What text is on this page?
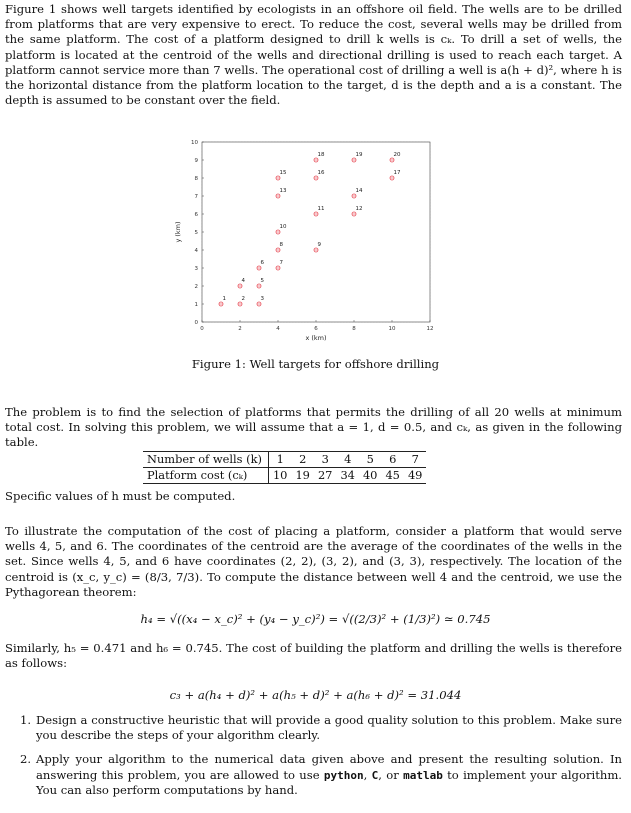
Figure 1 shows well targets identified by ecologists in an offshore oil field. The wells are to be drilled from platforms that are very expensive to erect. To reduce the cost, several wells may be drilled from the same platform. The cost of a platform designed to drill k wells is cₖ. To drill a set of wells, the platform is located at the centroid of the wells and directional drilling is used to reach each target. A platform cannot service more than 7 wells. The operational cost of drilling a well is a(h + d)², where h is the horizontal distance from the platform location to the target, d is the depth and a is a constant. The depth is assumed to be constant over the field.

0	2	4	6	8	10	12
0
1
2
3
4
5
6
7
8
9
10
1	2	3
4	5
6	7
8	9
10
11	12
13	14
15	16	17
18	19	20
x (km)
y (km)
Figure 1: Well targets for offshore drilling

The problem is to find the selection of platforms that permits the drilling of all 20 wells at minimum total cost. In solving this problem, we will assume that a = 1, d = 0.5, and cₖ, as given in the following table.

Number of wells (k)	1	2	3	4	5	6	7
Platform cost (cₖ)	10	19	27	34	40	45	49

Specific values of h must be computed.

To illustrate the computation of the cost of placing a platform, consider a platform that would serve wells 4, 5, and 6. The coordinates of the centroid are the average of the coordinates of the wells in the set. Since wells 4, 5, and 6 have coordinates (2, 2), (3, 2), and (3, 3), respectively. The location of the centroid is (x_c, y_c) = (8/3, 7/3). To compute the distance between well 4 and the centroid, we use the Pythagorean theorem:

h₄ = √((x₄ − x_c)² + (y₄ − y_c)²) = √((2/3)² + (1/3)²) ≃ 0.745

Similarly, h₅ = 0.471 and h₆ = 0.745. The cost of building the platform and drilling the wells is therefore as follows:

c₃ + a(h₄ + d)² + a(h₅ + d)² + a(h₆ + d)² = 31.044
1. Design a constructive heuristic that will provide a good quality solution to this problem. Make sure you describe the steps of your algorithm clearly.
2. Apply your algorithm to the numerical data given above and present the resulting solution. In answering this problem, you are allowed to use python, C, or matlab to implement your algorithm. You can also perform computations by hand.
